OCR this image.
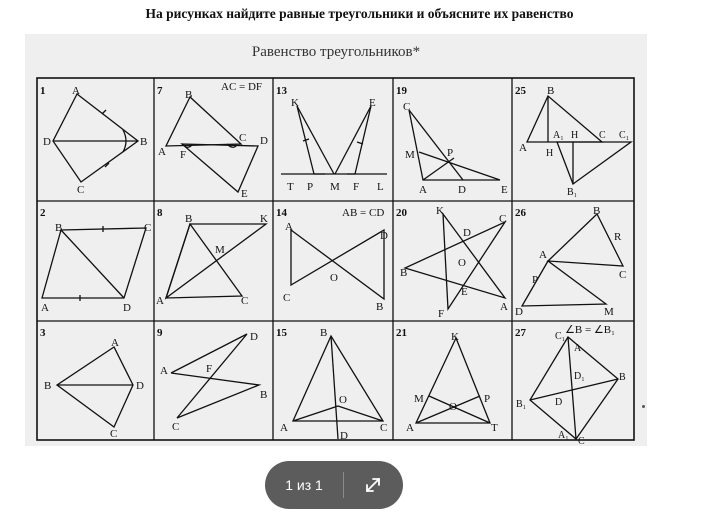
На рисунках найдите равные треугольники и объясните их равенство
Равенство треугольников*
1 A
D	B
C
7	AC = DF
B
C D
A F
E
13
K	E
T P M F L
19
C
M	P
A	D	E
25 B
A₁ H C C₁
A H
B₁
2
B	C
A	D
8 B	K
M
A	C
14	AB = CD
A
D
O
C
B
20	K
C
D
B
O
E
F
A
26	B
R
A
C
P
D	M
3
A
B	D
C
9	D
A	F
B
C
15	B
O
A
D
C
21	K
M
O
P
A	T
27	∠B = ∠B₁
C₁
A
D₁	B
B₁	D
A₁
C
1 из 1
